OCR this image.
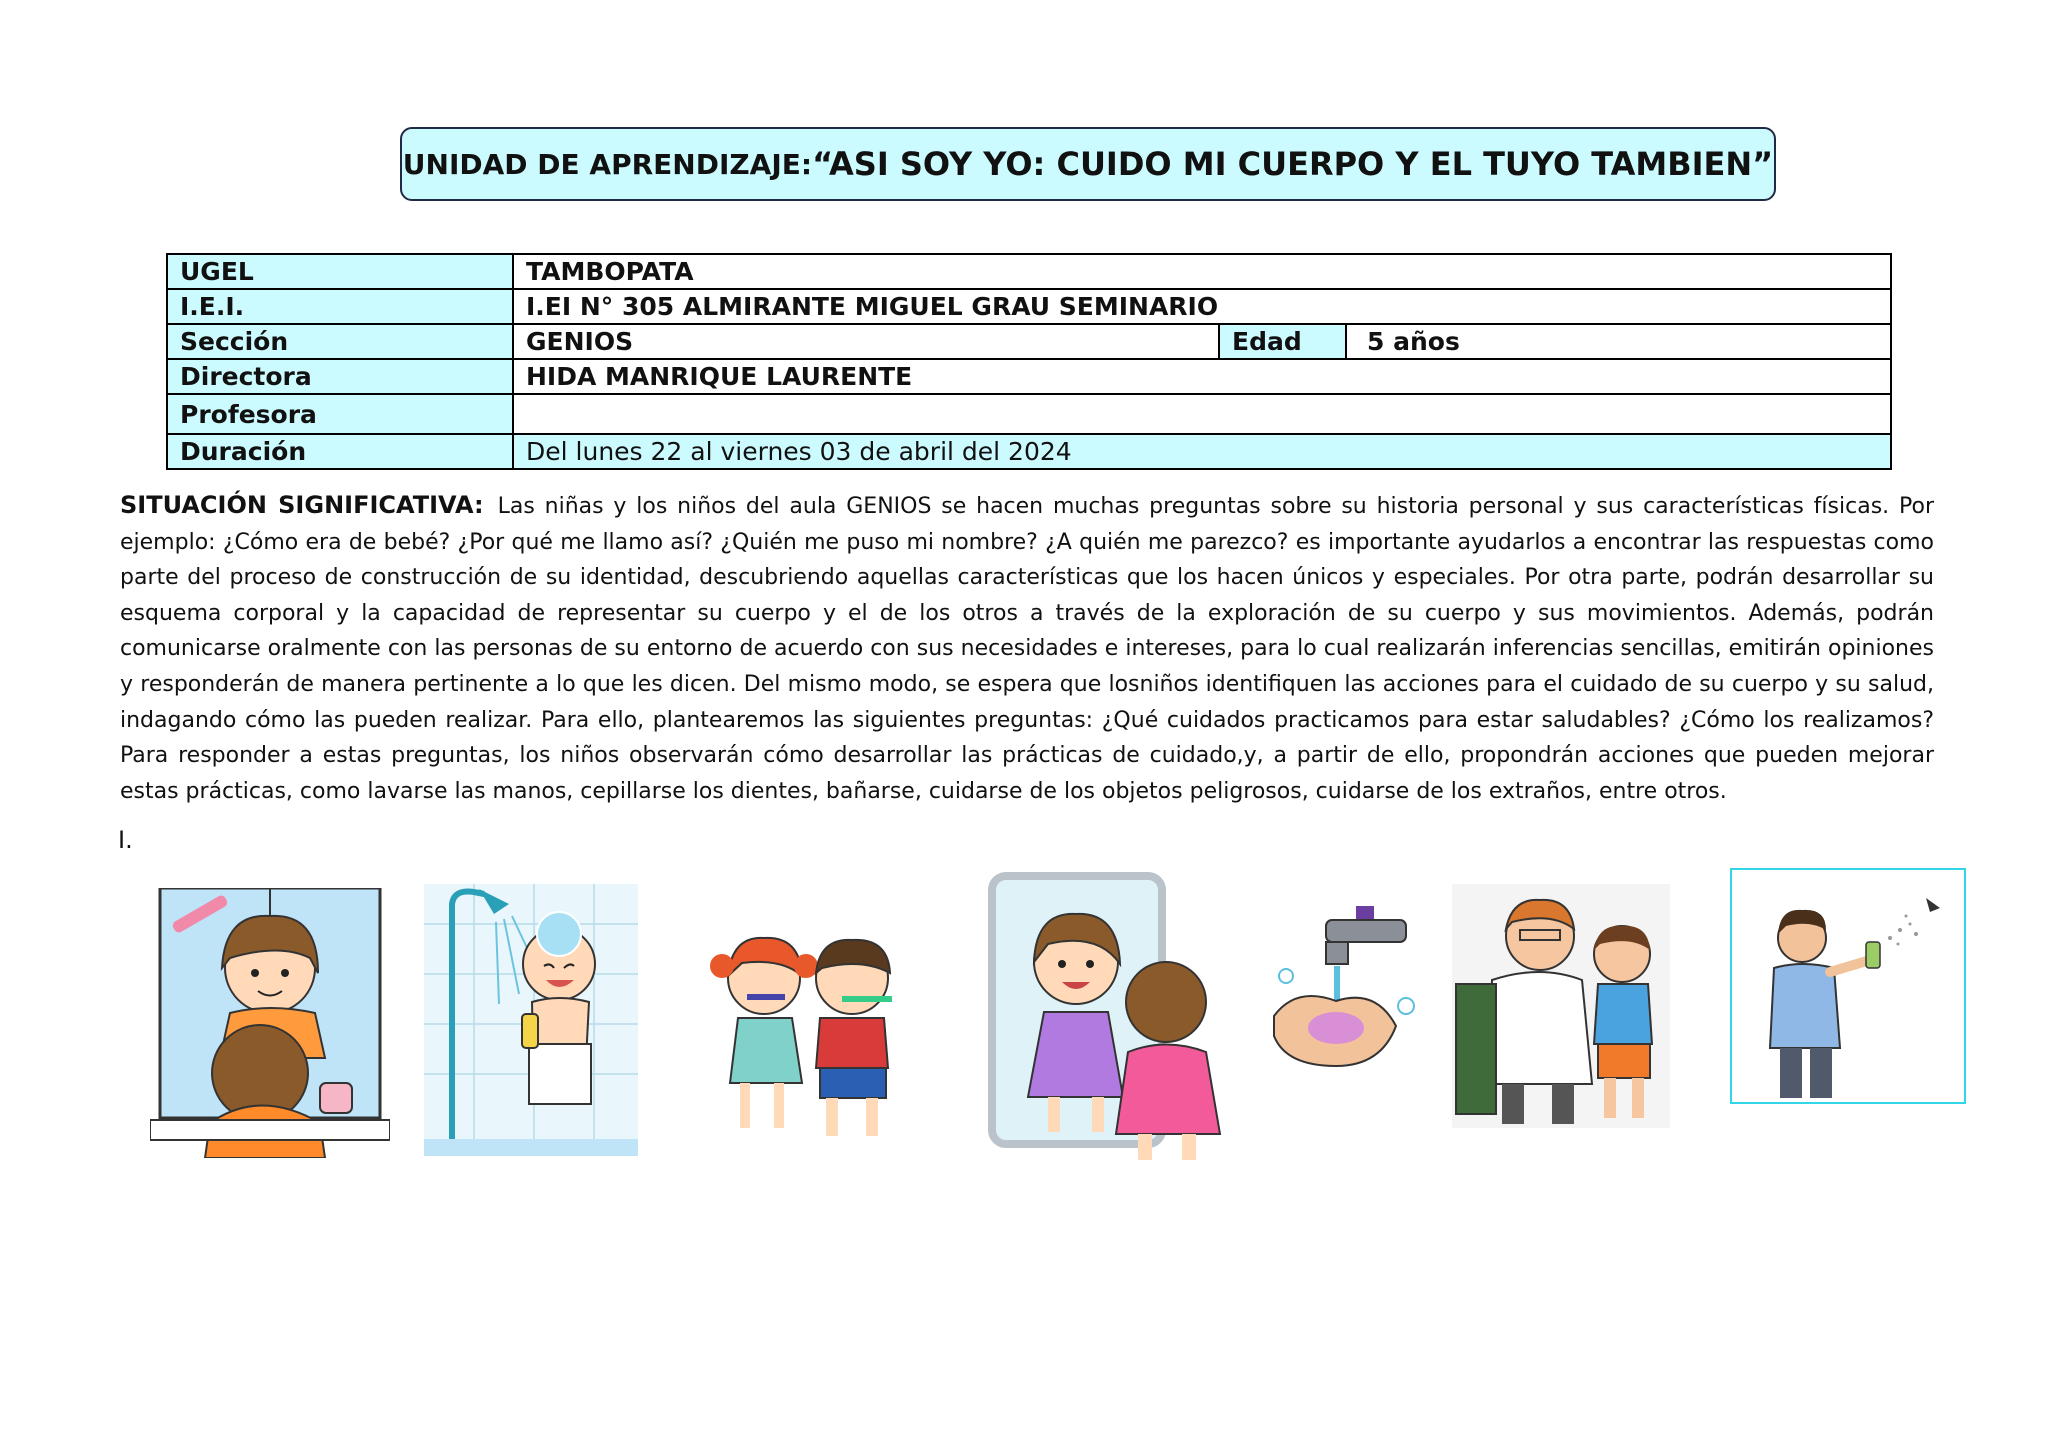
UNIDAD DE APRENDIZAJE: “ASI SOY YO: CUIDO MI CUERPO Y EL TUYO TAMBIEN”
UGEL	TAMBOPATA		
I.E.I.	I.EI N° 305 ALMIRANTE MIGUEL GRAU SEMINARIO		
Sección	GENIOS	Edad	5 años
Directora	HIDA MANRIQUE LAURENTE		
Profesora			
Duración	Del lunes 22 al viernes 03 de abril del 2024		
SITUACIÓN SIGNIFICATIVA: Las niñas y los niños del aula GENIOS se hacen muchas preguntas sobre su historia personal y sus características físicas. Por ejemplo: ¿Cómo era de bebé? ¿Por qué me llamo así? ¿Quién me puso mi nombre? ¿A quién me parezco? es importante ayudarlos a encontrar las respuestas como parte del proceso de construcción de su identidad, descubriendo aquellas características que los hacen únicos y especiales. Por otra parte, podrán desarrollar su esquema corporal y la capacidad de representar su cuerpo y el de los otros a través de la exploración de su cuerpo y sus movimientos. Además, podrán comunicarse oralmente con las personas de su entorno de acuerdo con sus necesidades e intereses, para lo cual realizarán inferencias sencillas, emitirán opiniones y responderán de manera pertinente a lo que les dicen. Del mismo modo, se espera que losniños identifiquen las acciones para el cuidado de su cuerpo y su salud, indagando cómo las pueden realizar. Para ello, plantearemos las siguientes preguntas: ¿Qué cuidados practicamos para estar saludables? ¿Cómo los realizamos? Para responder a estas preguntas, los niños observarán cómo desarrollar las prácticas de cuidado,y, a partir de ello, propondrán acciones que pueden mejorar estas prácticas, como lavarse las manos, cepillarse los dientes, bañarse, cuidarse de los objetos peligrosos, cuidarse de los extraños, entre otros.
I.
